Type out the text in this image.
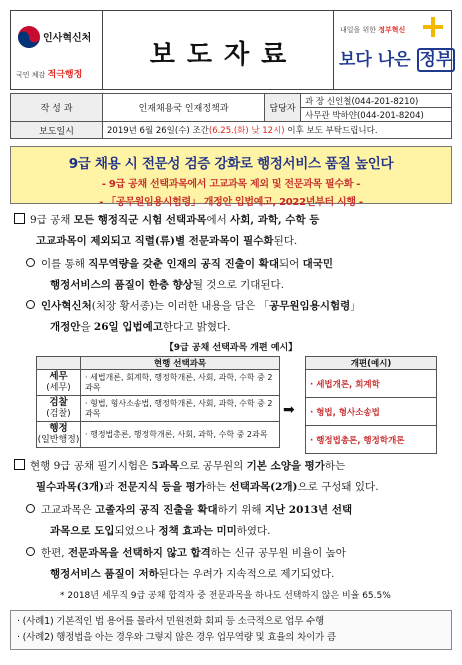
인사혁신처
국민 체감 적극행정
보도자료
내일을 위한 정부혁신
보다 나은 정부
작 성 과	인재채용국 인재정책과	담당자	과 장 신인철(044-201-8210)
			사무관 박하얀(044-201-8204)
보도일시	2019년 6월 26일(수) 조간(6.25.(화) 낮 12시) 이후 보도 부탁드립니다.		
9급 채용 시 전문성 검증 강화로 행정서비스 품질 높인다
- 9급 공채 선택과목에서 고교과목 제외 및 전문과목 필수화 -
- 「공무원임용시험령」 개정안 입법예고, 2022년부터 시행 -
9급 공채 모든 행정직군 시험 선택과목에서 사회, 과학, 수학 등
고교과목이 제외되고 직렬(류)별 전문과목이 필수화된다.
이를 통해 직무역량을 갖춘 인재의 공직 진출이 확대되어 대국민
행정서비스의 품질이 한층 향상될 것으로 기대된다.
인사혁신처(처장 황서종)는 이러한 내용을 담은 「공무원임용시험령」
개정안을 26일 입법예고한다고 밝혔다.
【9급 공채 선택과목 개편 예시】
	현행 선택과목
세무
(세무)	· 세법개론, 회계학, 행정학개론, 사회, 과학, 수학 중 2과목
검찰
(검찰)	· 형법, 형사소송법, 행정학개론, 사회, 과학, 수학 중 2과목
행정
(일반행정)	· 행정법총론, 행정학개론, 사회, 과학, 수학 중 2과목
➡
개편(예시)
· 세법개론, 회계학
· 형법, 형사소송법
· 행정법총론, 행정학개론
현행 9급 공채 필기시험은 5과목으로 공무원의 기본 소양을 평가하는
필수과목(3개)과 전문지식 등을 평가하는 선택과목(2개)으로 구성돼 있다.
고교과목은 고졸자의 공직 진출을 확대하기 위해 지난 2013년 선택
과목으로 도입되었으나 정책 효과는 미미하였다.
한편, 전문과목을 선택하지 않고 합격하는 신규 공무원 비율이 높아
행정서비스 품질이 저하된다는 우려가 지속적으로 제기되었다.
* 2018년 세무직 9급 공채 합격자 중 전문과목을 하나도 선택하지 않은 비율 65.5%
· (사례1) 기본적인 법 용어를 몰라서 민원전화 회피 등 소극적으로 업무 수행
· (사례2) 행정법을 아는 경우와 그렇지 않은 경우 업무역량 및 효율의 차이가 큼
